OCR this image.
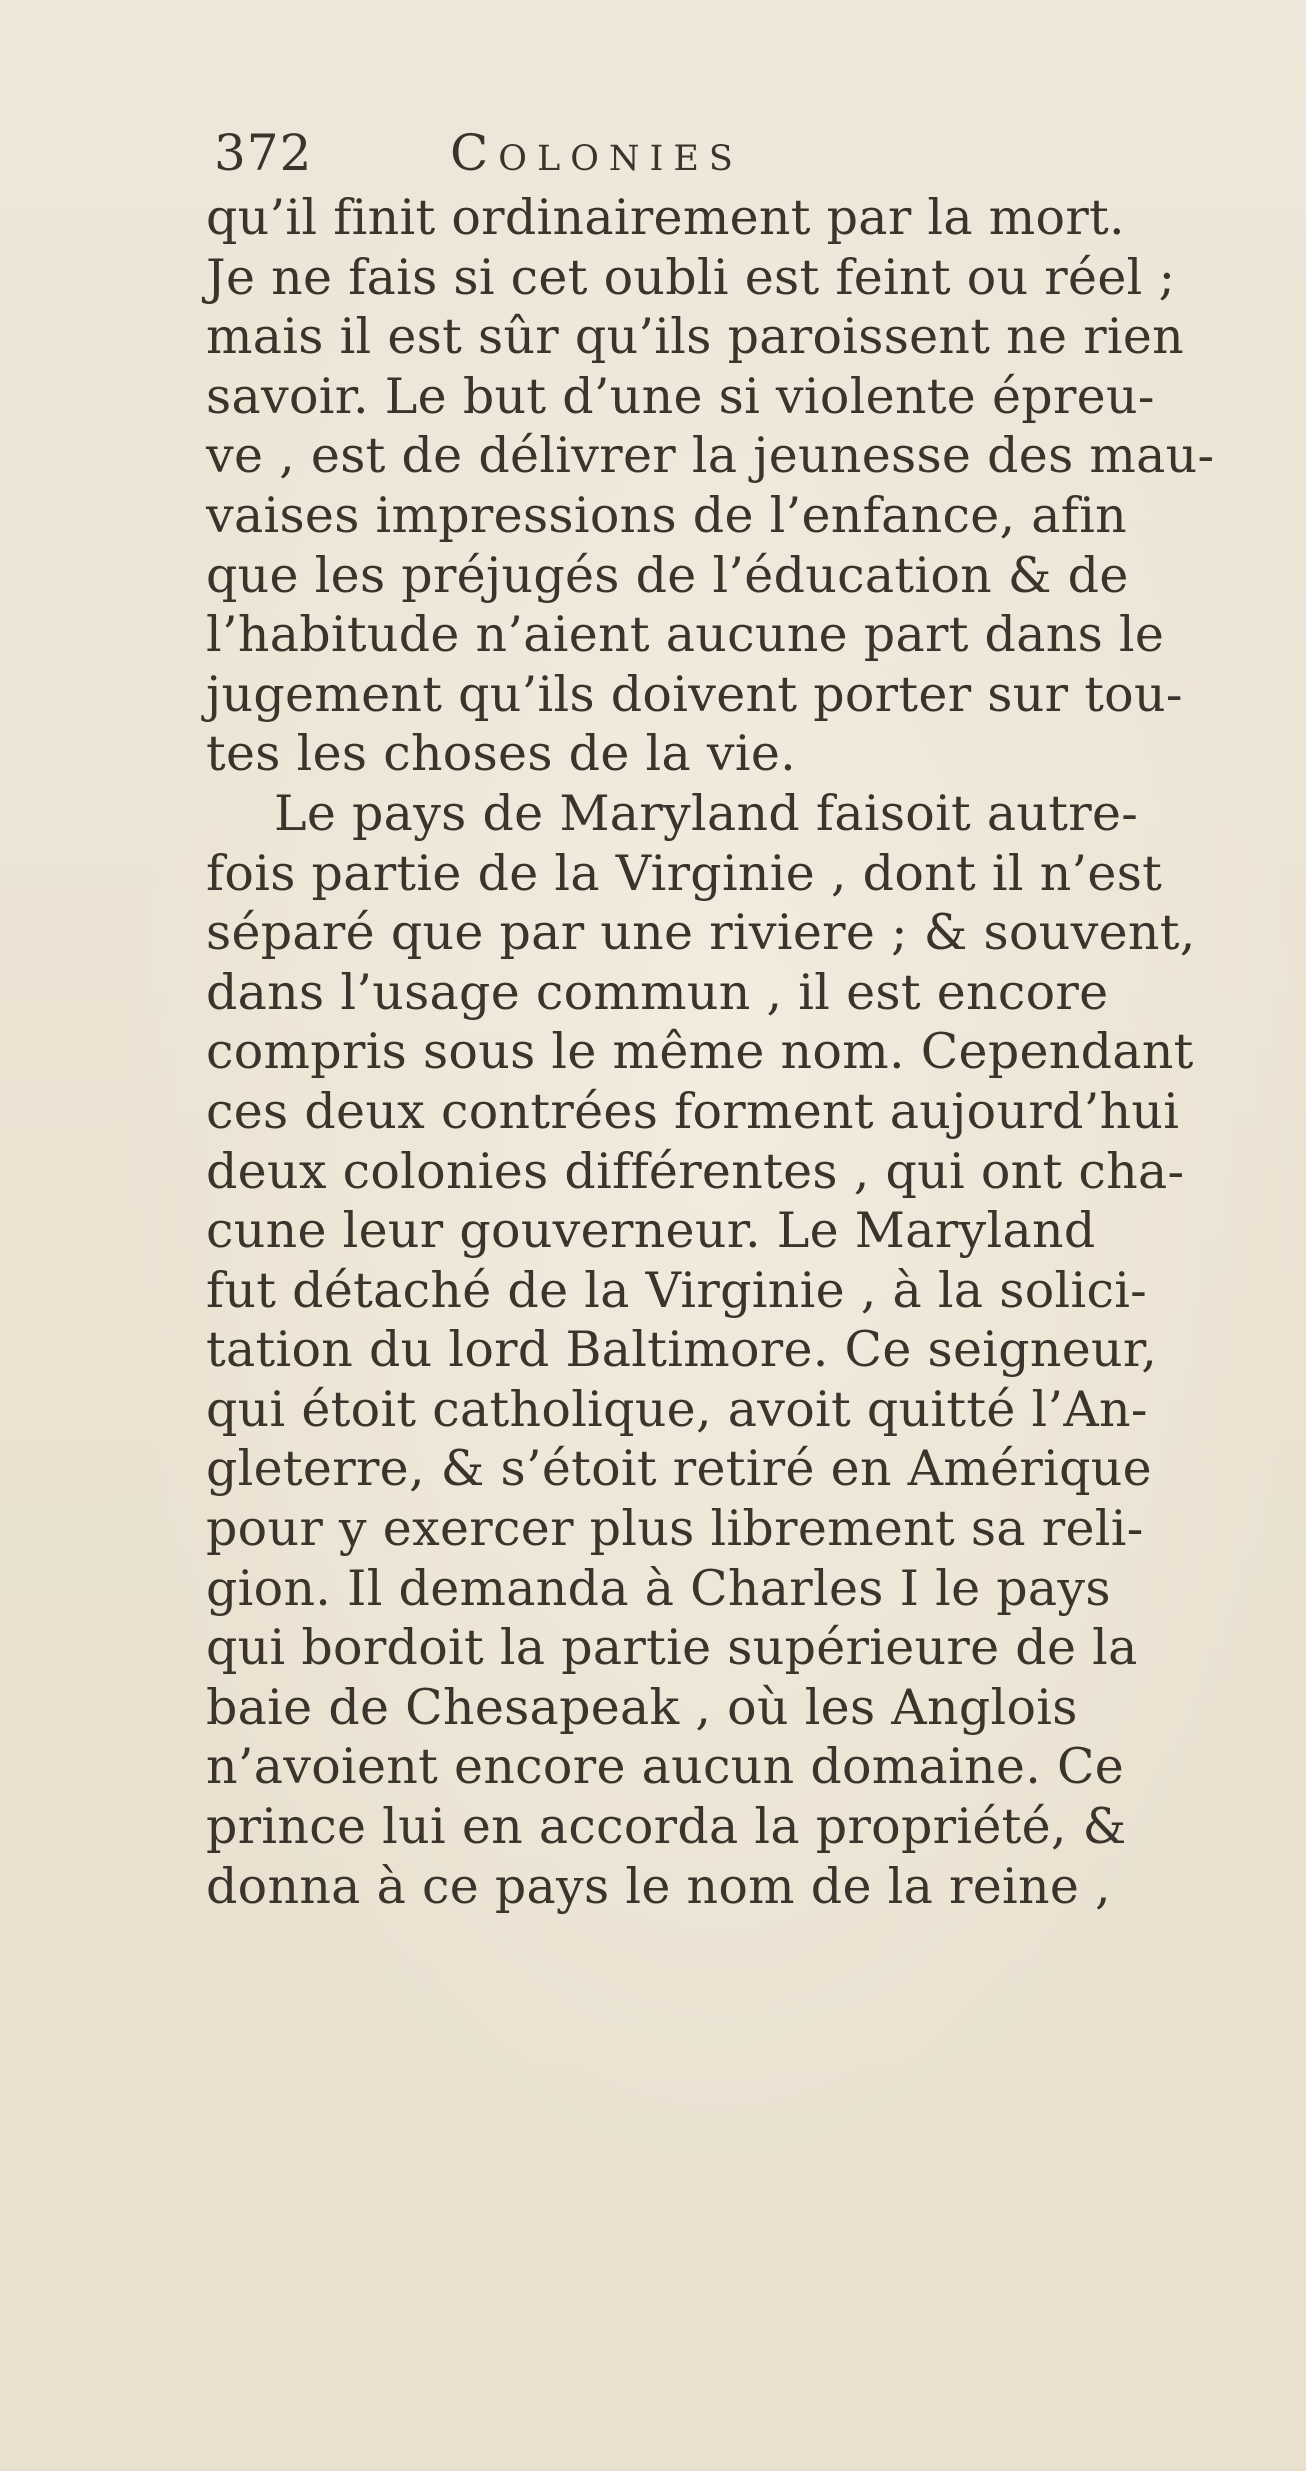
372	Colonies
qu’il finit ordinairement par la mort.
Je ne fais si cet oubli est feint ou réel ;
mais il est sûr qu’ils paroissent ne rien
savoir. Le but d’une si violente épreu-
ve , est de délivrer la jeunesse des mau-
vaises impressions de l’enfance, afin
que les préjugés de l’éducation & de
l’habitude n’aient aucune part dans le
jugement qu’ils doivent porter sur tou-
tes les choses de la vie.
Le pays de Maryland faisoit autre-
fois partie de la Virginie , dont il n’est
séparé que par une riviere ; & souvent,
dans l’usage commun , il est encore
compris sous le même nom. Cependant
ces deux contrées forment aujourd’hui
deux colonies différentes , qui ont cha-
cune leur gouverneur. Le Maryland
fut détaché de la Virginie , à la solici-
tation du lord Baltimore. Ce seigneur,
qui étoit catholique, avoit quitté l’An-
gleterre, & s’étoit retiré en Amérique
pour y exercer plus librement sa reli-
gion. Il demanda à Charles I le pays
qui bordoit la partie supérieure de la
baie de Chesapeak , où les Anglois
n’avoient encore aucun domaine. Ce
prince lui en accorda la propriété, &
donna à ce pays le nom de la reine ,
